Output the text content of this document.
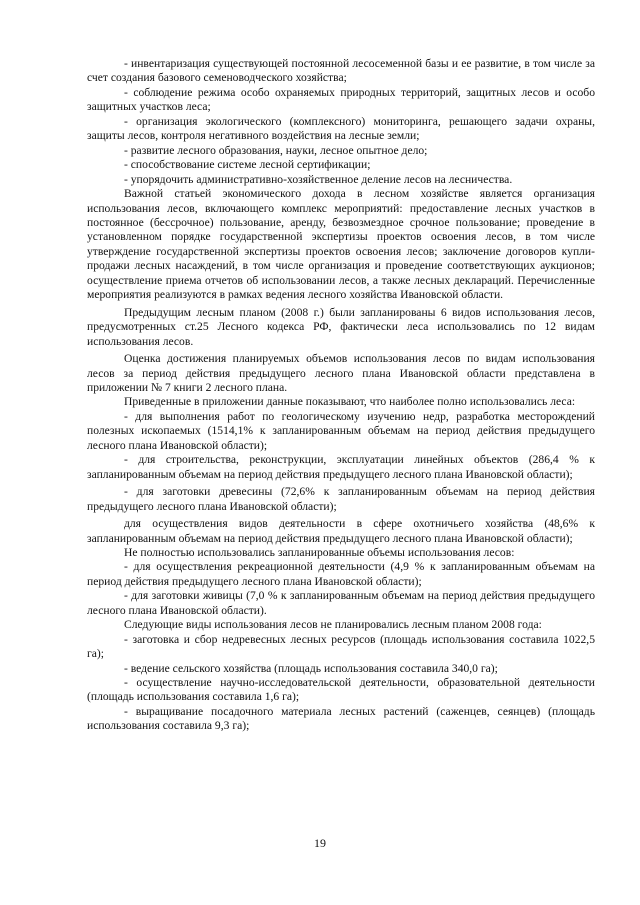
- инвентаризация существующей постоянной лесосеменной базы и ее развитие, в том числе за счет создания базового семеноводческого хозяйства;

- соблюдение режима особо охраняемых природных территорий, защитных лесов и особо защитных участков леса;

- организация экологического (комплексного) мониторинга, решающего задачи охраны, защиты лесов, контроля негативного воздействия на лесные земли;

- развитие лесного образования, науки, лесное опытное дело;

- способствование системе лесной сертификации;

- упорядочить административно-хозяйственное деление лесов на лесничества.

Важной статьей экономического дохода в лесном хозяйстве является организация использования лесов, включающего комплекс мероприятий: предоставление лесных участков в постоянное (бессрочное) пользование, аренду, безвозмездное срочное пользование; проведение в установленном порядке государственной экспертизы проектов освоения лесов, в том числе утверждение государственной экспертизы проектов освоения лесов; заключение договоров купли-продажи лесных насаждений, в том числе организация и проведение соответствующих аукционов; осуществление приема отчетов об использовании лесов, а также лесных деклараций. Перечисленные мероприятия реализуются в рамках ведения лесного хозяйства Ивановской области.

Предыдущим лесным планом (2008 г.) были запланированы 6 видов использования лесов, предусмотренных ст.25 Лесного кодекса РФ, фактически леса использовались по 12 видам использования лесов.

Оценка достижения планируемых объемов использования лесов по видам использования лесов за период действия предыдущего лесного плана Ивановской области представлена в приложении № 7 книги 2 лесного плана.

Приведенные в приложении данные показывают, что наиболее полно использовались леса:

- для выполнения работ по геологическому изучению недр, разработка месторождений полезных ископаемых (1514,1% к запланированным объемам на период действия предыдущего лесного плана Ивановской области);

- для строительства, реконструкции, эксплуатации линейных объектов (286,4 % к запланированным объемам на период действия предыдущего лесного плана Ивановской области);

- для заготовки древесины (72,6% к запланированным объемам на период действия предыдущего лесного плана Ивановской области);

для осуществления видов деятельности в сфере охотничьего хозяйства (48,6% к запланированным объемам на период действия предыдущего лесного плана Ивановской области);

Не полностью использовались запланированные объемы использования лесов:

- для осуществления рекреационной деятельности (4,9 % к запланированным объемам на период действия предыдущего лесного плана Ивановской области);

- для заготовки живицы (7,0 % к запланированным объемам на период действия предыдущего лесного плана Ивановской области).

Следующие виды использования лесов не планировались лесным планом 2008 года:

- заготовка и сбор недревесных лесных ресурсов (площадь использования составила 1022,5 га);

- ведение сельского хозяйства (площадь использования составила 340,0 га);

- осуществление научно-исследовательской деятельности, образовательной деятельности (площадь использования составила 1,6 га);

- выращивание посадочного материала лесных растений (саженцев, сеянцев) (площадь использования составила 9,3 га);

19
